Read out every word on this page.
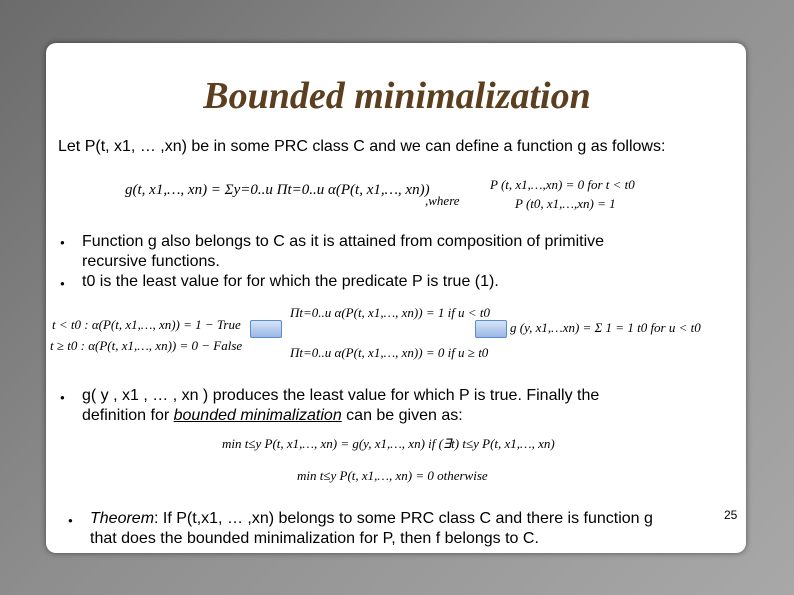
Bounded minimalization
Let P(t, x1, … ,xn) be in some PRC class C and we can define a function g as follows:
g(t, x1,…, xn) = Σy=0..u Πt=0..u α(P(t, x1,…, xn))
,where
P (t, x1,…,xn) = 0 for t < t0
P (t0, x1,…,xn) = 1
● Function g also belongs to C as it is attained from composition of primitive
recursive functions.
● t0 is the least value for for which the predicate P is true (1).
t < t0 : α(P(t, x1,…, xn)) = 1 − True
t ≥ t0 : α(P(t, x1,…, xn)) = 0 − False
Πt=0..u α(P(t, x1,…, xn)) = 1 if u < t0
Πt=0..u α(P(t, x1,…, xn)) = 0 if u ≥ t0
g (y, x1,…xn) = Σ 1 = 1 t0 for u < t0
● g( y , x1 , … , xn ) produces the least value for which P is true. Finally the
definition for bounded minimalization can be given as:
min t≤y P(t, x1,…, xn) = g(y, x1,…, xn) if (∃t) t≤y P(t, x1,…, xn)
min t≤y P(t, x1,…, xn) = 0 otherwise
● Theorem: If P(t,x1, … ,xn) belongs to some PRC class C and there is function g
that does the bounded minimalization for P, then f belongs to C.
25
